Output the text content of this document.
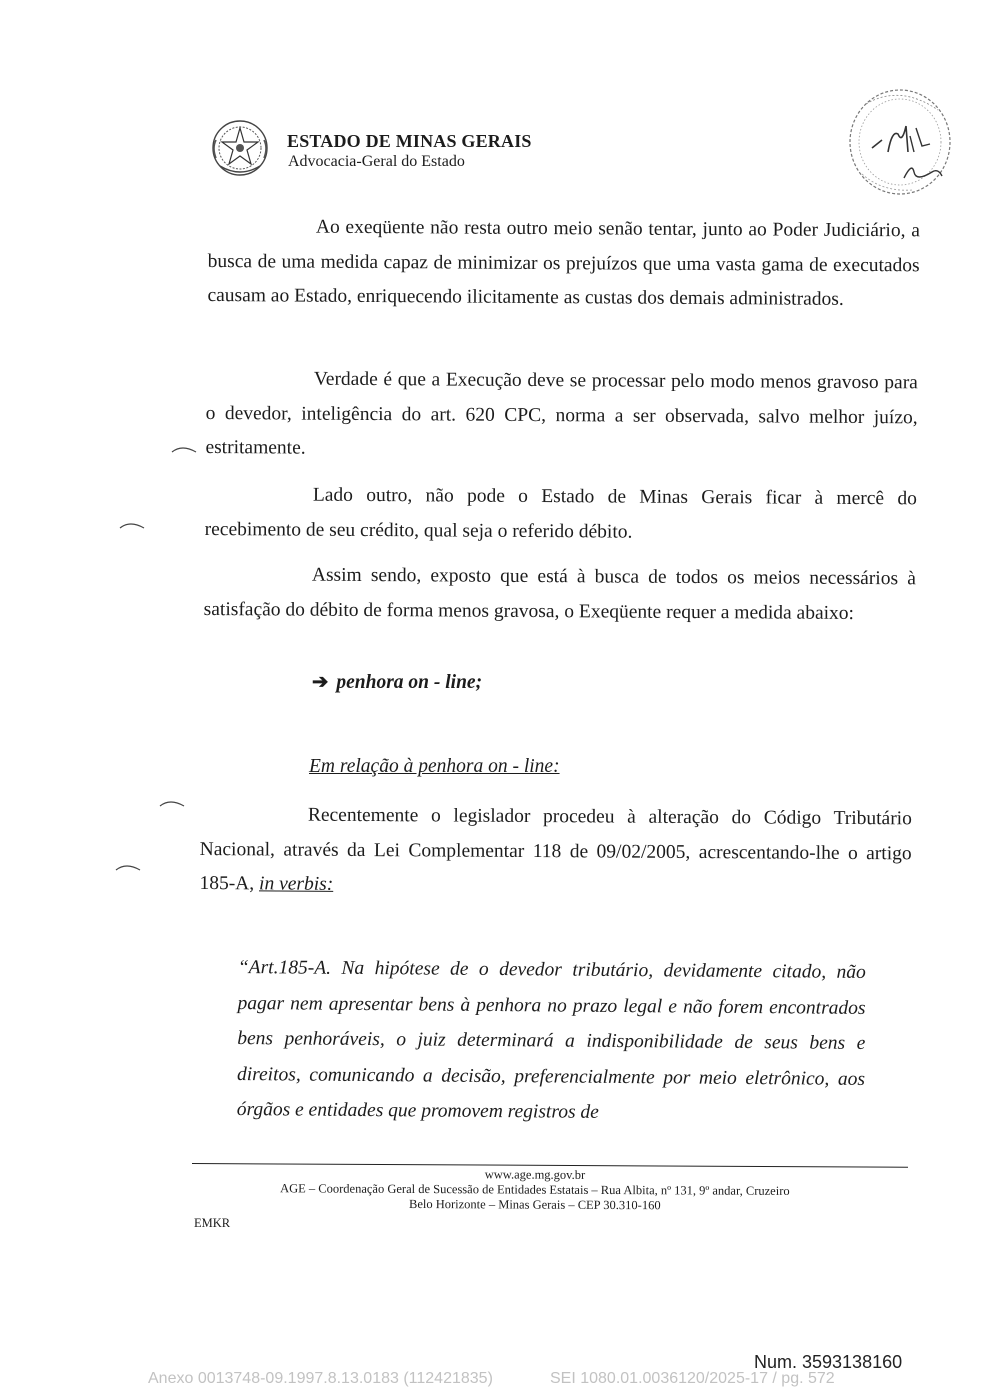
ESTADO DE MINAS GERAIS
Advocacia-Geral do Estado
Ao exeqüente não resta outro meio senão tentar, junto ao Poder Judiciário, a busca de uma medida capaz de minimizar os prejuízos que uma vasta gama de executados causam ao Estado, enriquecendo ilicitamente as custas dos demais administrados.
Verdade é que a Execução deve se processar pelo modo menos gravoso para o devedor, inteligência do art. 620 CPC, norma a ser observada, salvo melhor juízo, estritamente.
Lado outro, não pode o Estado de Minas Gerais ficar à mercê do recebimento de seu crédito, qual seja o referido débito.
Assim sendo, exposto que está à busca de todos os meios necessários à satisfação do débito de forma menos gravosa, o Exeqüente requer a medida abaixo:
➔ penhora on - line;
Em relação à penhora on - line:
Recentemente o legislador procedeu à alteração do Código Tributário Nacional, através da Lei Complementar 118 de 09/02/2005, acrescentando-lhe o artigo 185-A, in verbis:
“Art.185-A. Na hipótese de o devedor tributário, devidamente citado, não pagar nem apresentar bens à penhora no prazo legal e não forem encontrados bens penhoráveis, o juiz determinará a indisponibilidade de seus bens e direitos, comunicando a decisão, preferencialmente por meio eletrônico, aos órgãos e entidades que promovem registros de
www.age.mg.gov.br
AGE – Coordenação Geral de Sucessão de Entidades Estatais – Rua Albita, nº 131, 9º andar, Cruzeiro
Belo Horizonte – Minas Gerais – CEP 30.310-160
EMKR
Num. 3593138160
Anexo 0013748-09.1997.8.13.0183 (112421835)	SEI 1080.01.0036120/2025-17 / pg. 572
